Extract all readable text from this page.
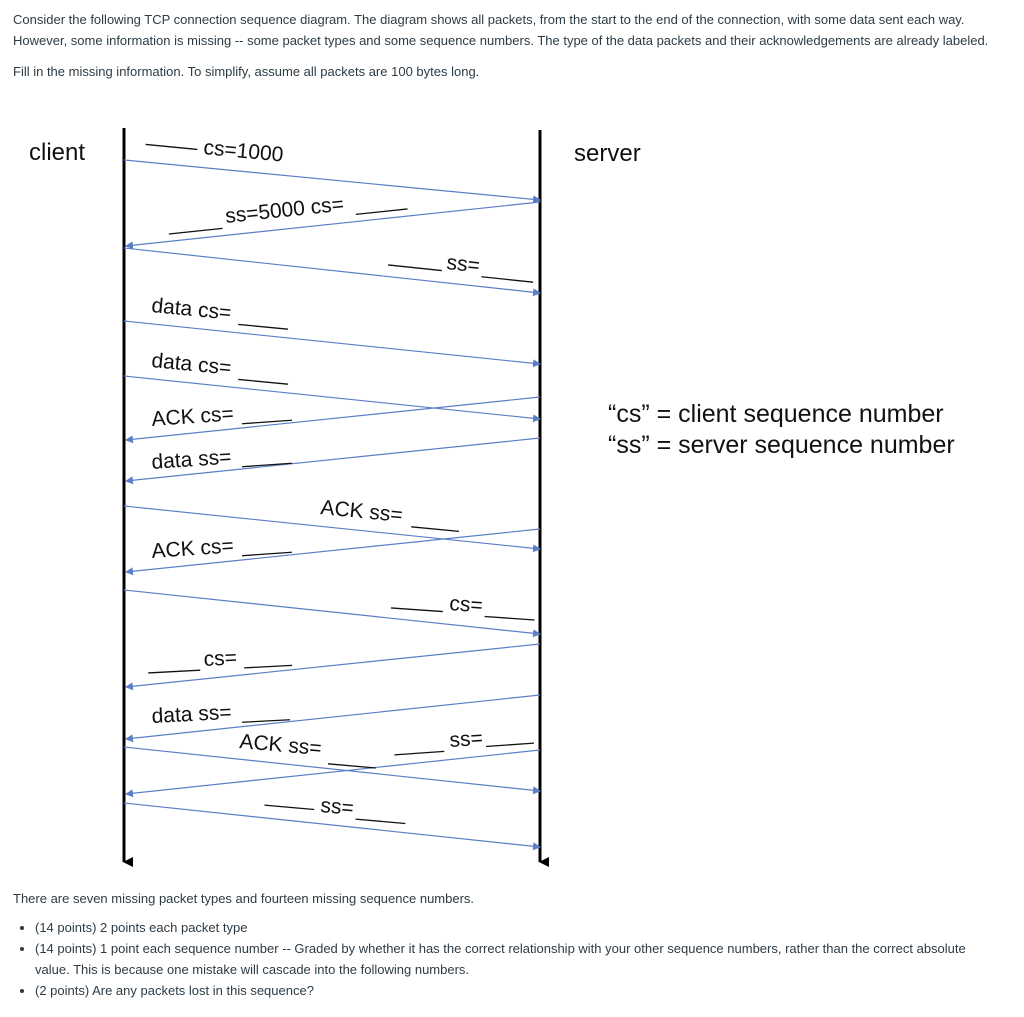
Consider the following TCP connection sequence diagram. The diagram shows all packets, from the start to the end of the connection, with some data sent each way. However, some information is missing -- some packet types and some sequence numbers. The type of the data packets and their acknowledgements are already labeled.

Fill in the missing information. To simplify, assume all packets are 100 bytes long.

client	server
“cs” = client sequence number
“ss” = server sequence number
cs=1000
ss=5000 cs=
ss=
data cs=
data cs=
ACK cs=
data ss=
ACK ss=
ACK cs=
cs=
cs=
data ss=
ACK ss=	ss=
ss=

There are seven missing packet types and fourteen missing sequence numbers.

• (14 points) 2 points each packet type
• (14 points) 1 point each sequence number -- Graded by whether it has the correct relationship with your other sequence numbers, rather than the correct absolute value. This is because one mistake will cascade into the following numbers.
• (2 points) Are any packets lost in this sequence?
